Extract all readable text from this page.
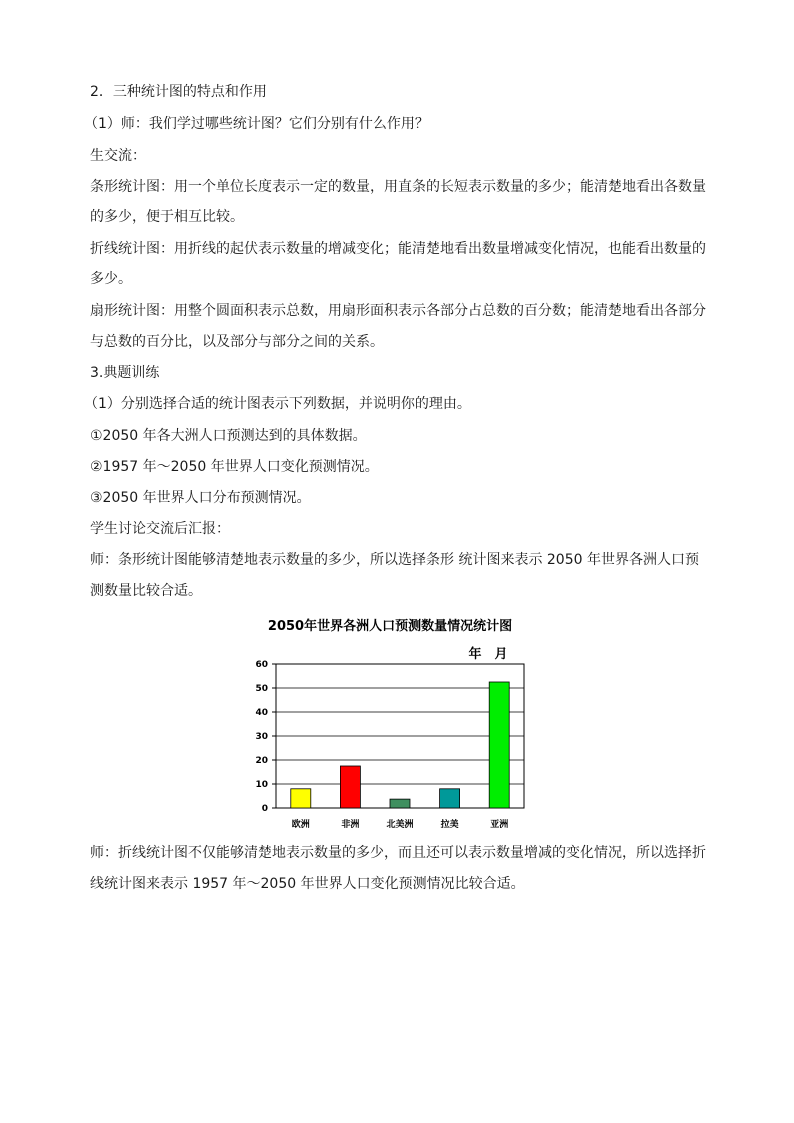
2．三种统计图的特点和作用
（1）师：我们学过哪些统计图？它们分别有什么作用？
生交流：
条形统计图：用一个单位长度表示一定的数量，用直条的长短表示数量的多少；能清楚地看出各数量
的多少，便于相互比较。
折线统计图：用折线的起伏表示数量的增减变化；能清楚地看出数量增减变化情况，也能看出数量的
多少。
扇形统计图：用整个圆面积表示总数，用扇形面积表示各部分占总数的百分数；能清楚地看出各部分
与总数的百分比，以及部分与部分之间的关系。
3.典题训练
（1）分别选择合适的统计图表示下列数据，并说明你的理由。
①2050 年各大洲人口预测达到的具体数据。
②1957 年～2050 年世界人口变化预测情况。
③2050 年世界人口分布预测情况。
学生讨论交流后汇报：
师：条形统计图能够清楚地表示数量的多少，所以选择条形 统计图来表示 2050 年世界各洲人口预
测数量比较合适。
2050年世界各洲人口预测数量情况统计图
年　月
0
10
20
30
40
50
60
欧洲	非洲	北美洲	拉美	亚洲
师：折线统计图不仅能够清楚地表示数量的多少，而且还可以表示数量增减的变化情况，所以选择折
线统计图来表示 1957 年～2050 年世界人口变化预测情况比较合适。
